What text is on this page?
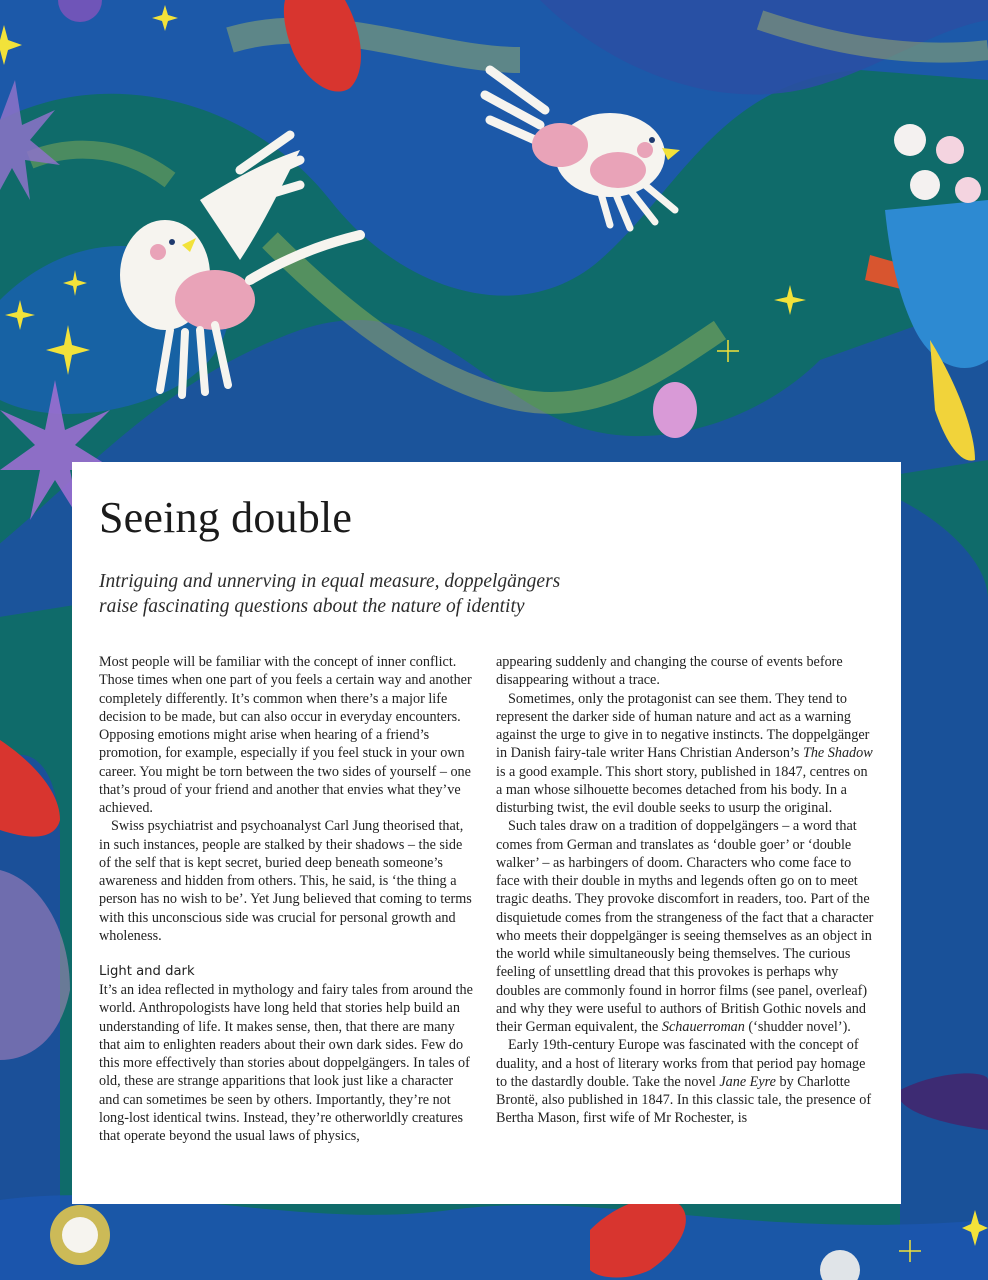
Seeing double

Intriguing and unnerving in equal measure, doppelgängers
raise fascinating questions about the nature of identity

Most people will be familiar with the concept of inner conflict. Those times when one part of you feels a certain way and another completely differently. It’s common when there’s a major life decision to be made, but can also occur in everyday encounters. Opposing emotions might arise when hearing of a friend’s promotion, for example, especially if you feel stuck in your own career. You might be torn between the two sides of yourself – one that’s proud of your friend and another that envies what they’ve achieved.

Swiss psychiatrist and psychoanalyst Carl Jung theorised that, in such instances, people are stalked by their shadows – the side of the self that is kept secret, buried deep beneath someone’s awareness and hidden from others. This, he said, is ‘the thing a person has no wish to be’. Yet Jung believed that coming to terms with this unconscious side was crucial for personal growth and wholeness.

Light and dark

It’s an idea reflected in mythology and fairy tales from around the world. Anthropologists have long held that stories help build an understanding of life. It makes sense, then, that there are many that aim to enlighten readers about their own dark sides. Few do this more effectively than stories about doppelgängers. In tales of old, these are strange apparitions that look just like a character and can sometimes be seen by others. Importantly, they’re not long-lost identical twins. Instead, they’re otherworldly creatures that operate beyond the usual laws of physics,

appearing suddenly and changing the course of events before disappearing without a trace.

Sometimes, only the protagonist can see them. They tend to represent the darker side of human nature and act as a warning against the urge to give in to negative instincts. The doppelgänger in Danish fairy-tale writer Hans Christian Anderson’s The Shadow is a good example. This short story, published in 1847, centres on a man whose silhouette becomes detached from his body. In a disturbing twist, the evil double seeks to usurp the original.

Such tales draw on a tradition of doppelgängers – a word that comes from German and translates as ‘double goer’ or ‘double walker’ – as harbingers of doom. Characters who come face to face with their double in myths and legends often go on to meet tragic deaths. They provoke discomfort in readers, too. Part of the disquietude comes from the strangeness of the fact that a character who meets their doppelgänger is seeing themselves as an object in the world while simultaneously being themselves. The curious feeling of unsettling dread that this provokes is perhaps why doubles are commonly found in horror films (see panel, overleaf) and why they were useful to authors of British Gothic novels and their German equivalent, the Schauerroman (‘shudder novel’).

Early 19th-century Europe was fascinated with the concept of duality, and a host of literary works from that period pay homage to the dastardly double. Take the novel Jane Eyre by Charlotte Brontë, also published in 1847. In this classic tale, the presence of Bertha Mason, first wife of Mr Rochester, is
